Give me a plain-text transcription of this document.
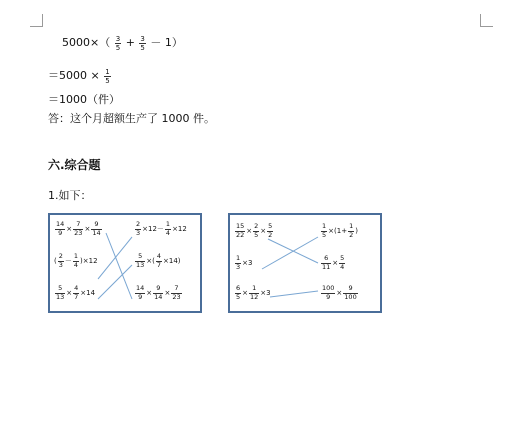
$5000\times( \frac{3}{5} + \frac{3}{5} - 1)$
$=5000 \times \frac{1}{5}$
＝1000（件）
答：这个月超额生产了 1000 件。
六.综合题
1.如下：
$\frac{14}{9} \times \frac{7}{23} \times \frac{9}{14}$
( $\frac{2}{3} - \frac{1}{4} )\times 12$
$\frac{5}{13} \times \frac{4}{7} \times 14$
$\frac{2}{3} \times 12- \frac{1}{4} \times 12$
$\frac{5}{13}$ ×( $\frac{4}{7} \times 14$)
$\frac{14}{9} \times \frac{9}{14} \times \frac{7}{23}$
$\frac{15}{22} \times \frac{2}{5} \times \frac{5}{2}$
$\frac{1}{3} \times 3$
$\frac{6}{5} \times \frac{1}{12} \times 3$
$\frac{1}{5} \times(1+ \frac{1}{2}$ )
$\frac{6}{11} \times \frac{5}{4}$
$\frac{100}{9} \times \frac{9}{100}$
